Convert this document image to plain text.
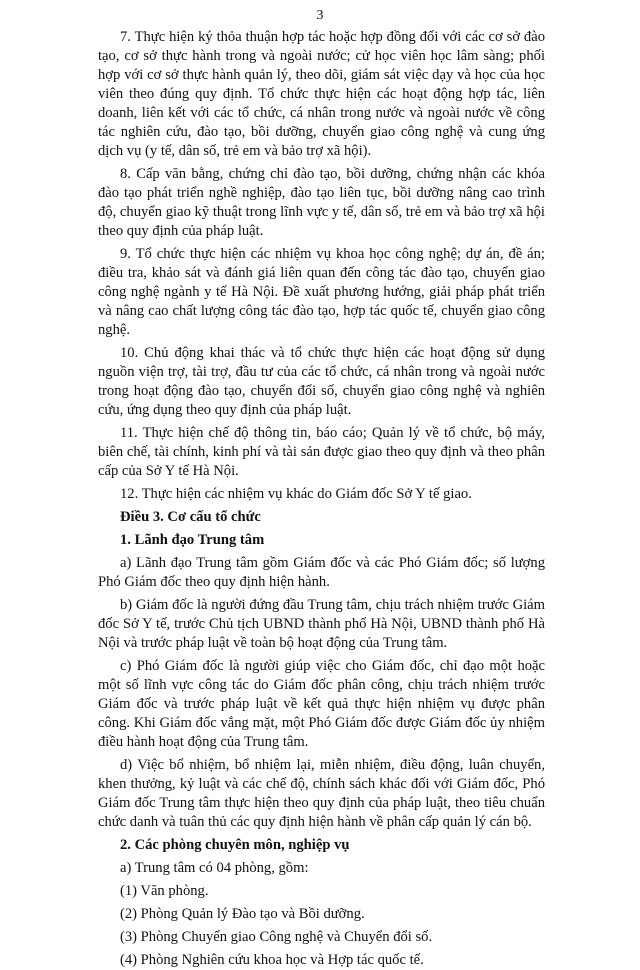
3

7. Thực hiện ký thỏa thuận hợp tác hoặc hợp đồng đối với các cơ sở đào tạo, cơ sở thực hành trong và ngoài nước; cử học viên học lâm sàng; phối hợp với cơ sở thực hành quản lý, theo dõi, giám sát việc dạy và học của học viên theo đúng quy định. Tổ chức thực hiện các hoạt động hợp tác, liên doanh, liên kết với các tổ chức, cá nhân trong nước và ngoài nước về công tác nghiên cứu, đào tạo, bồi dưỡng, chuyển giao công nghệ và cung ứng dịch vụ (y tế, dân số, trẻ em và bảo trợ xã hội).

8. Cấp văn bằng, chứng chỉ đào tạo, bồi dưỡng, chứng nhận các khóa đào tạo phát triển nghề nghiệp, đào tạo liên tục, bồi dưỡng nâng cao trình độ, chuyển giao kỹ thuật trong lĩnh vực y tế, dân số, trẻ em và bảo trợ xã hội theo quy định của pháp luật.

9. Tổ chức thực hiện các nhiệm vụ khoa học công nghệ; dự án, đề án; điều tra, khảo sát và đánh giá liên quan đến công tác đào tạo, chuyển giao công nghệ ngành y tế Hà Nội. Đề xuất phương hướng, giải pháp phát triển và nâng cao chất lượng công tác đào tạo, hợp tác quốc tế, chuyển giao công nghệ.

10. Chủ động khai thác và tổ chức thực hiện các hoạt động sử dụng nguồn viện trợ, tài trợ, đầu tư của các tổ chức, cá nhân trong và ngoài nước trong hoạt động đào tạo, chuyển đổi số, chuyển giao công nghệ và nghiên cứu, ứng dụng theo quy định của pháp luật.

11. Thực hiện chế độ thông tin, báo cáo; Quản lý về tổ chức, bộ máy, biên chế, tài chính, kinh phí và tài sản được giao theo quy định và theo phân cấp của Sở Y tế Hà Nội.

12. Thực hiện các nhiệm vụ khác do Giám đốc Sở Y tế giao.

Điều 3. Cơ cấu tổ chức

1. Lãnh đạo Trung tâm

a) Lãnh đạo Trung tâm gồm Giám đốc và các Phó Giám đốc; số lượng Phó Giám đốc theo quy định hiện hành.

b) Giám đốc là người đứng đầu Trung tâm, chịu trách nhiệm trước Giám đốc Sở Y tế, trước Chủ tịch UBND thành phố Hà Nội, UBND thành phố Hà Nội và trước pháp luật về toàn bộ hoạt động của Trung tâm.

c) Phó Giám đốc là người giúp việc cho Giám đốc, chỉ đạo một hoặc một số lĩnh vực công tác do Giám đốc phân công, chịu trách nhiệm trước Giám đốc và trước pháp luật về kết quả thực hiện nhiệm vụ được phân công. Khi Giám đốc vắng mặt, một Phó Giám đốc được Giám đốc ủy nhiệm điều hành hoạt động của Trung tâm.

d) Việc bổ nhiệm, bổ nhiệm lại, miễn nhiệm, điều động, luân chuyển, khen thưởng, kỷ luật và các chế độ, chính sách khác đối với Giám đốc, Phó Giám đốc Trung tâm thực hiện theo quy định của pháp luật, theo tiêu chuẩn chức danh và tuân thủ các quy định hiện hành về phân cấp quản lý cán bộ.

2. Các phòng chuyên môn, nghiệp vụ

a) Trung tâm có 04 phòng, gồm:

(1) Văn phòng.

(2) Phòng Quản lý Đào tạo và Bồi dưỡng.

(3) Phòng Chuyển giao Công nghệ và Chuyển đổi số.

(4) Phòng Nghiên cứu khoa học và Hợp tác quốc tế.
